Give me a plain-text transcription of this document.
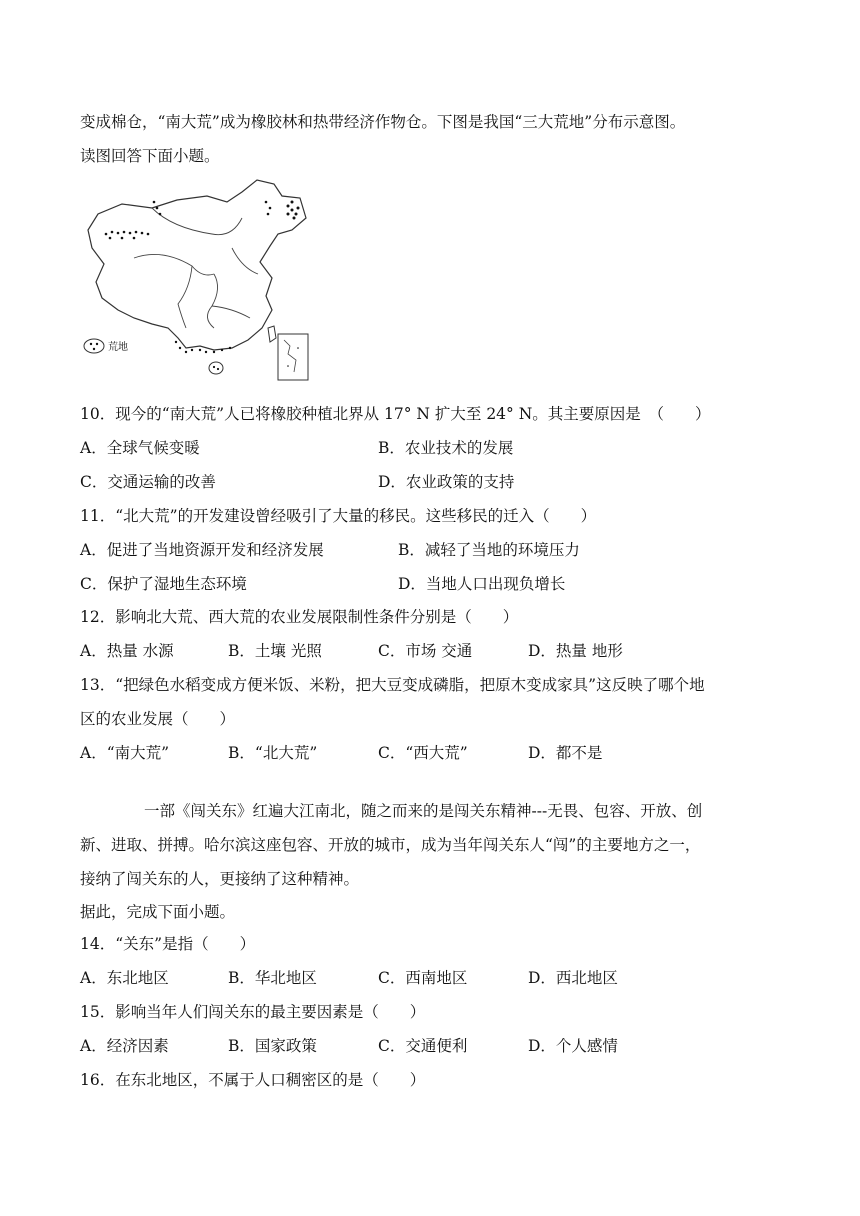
变成棉仓，“南大荒”成为橡胶林和热带经济作物仓。下图是我国“三大荒地”分布示意图。
读图回答下面小题。
荒地
10．现今的“南大荒”人已将橡胶种植北界从 17° N 扩大至 24° N。其主要原因是　（　　）
A．全球气候变暖	B．农业技术的发展
C．交通运输的改善	D．农业政策的支持
11．“北大荒”的开发建设曾经吸引了大量的移民。这些移民的迁入（　　）
A．促进了当地资源开发和经济发展	B．减轻了当地的环境压力
C．保护了湿地生态环境	D．当地人口出现负增长
12．影响北大荒、西大荒的农业发展限制性条件分别是（　　）
A．热量 水源	B．土壤 光照	C．市场 交通	D．热量 地形
13．“把绿色水稻变成方便米饭、米粉，把大豆变成磷脂，把原木变成家具”这反映了哪个地
区的农业发展（　　）
A．“南大荒”	B．“北大荒”	C．“西大荒”	D．都不是
一部《闯关东》红遍大江南北，随之而来的是闯关东精神---无畏、包容、开放、创
新、进取、拼搏。哈尔滨这座包容、开放的城市，成为当年闯关东人“闯”的主要地方之一，
接纳了闯关东的人，更接纳了这种精神。
据此，完成下面小题。
14．“关东”是指（　　）
A．东北地区	B．华北地区	C．西南地区	D．西北地区
15．影响当年人们闯关东的最主要因素是（　　）
A．经济因素	B．国家政策	C．交通便利	D．个人感情
16．在东北地区，不属于人口稠密区的是（　　）
